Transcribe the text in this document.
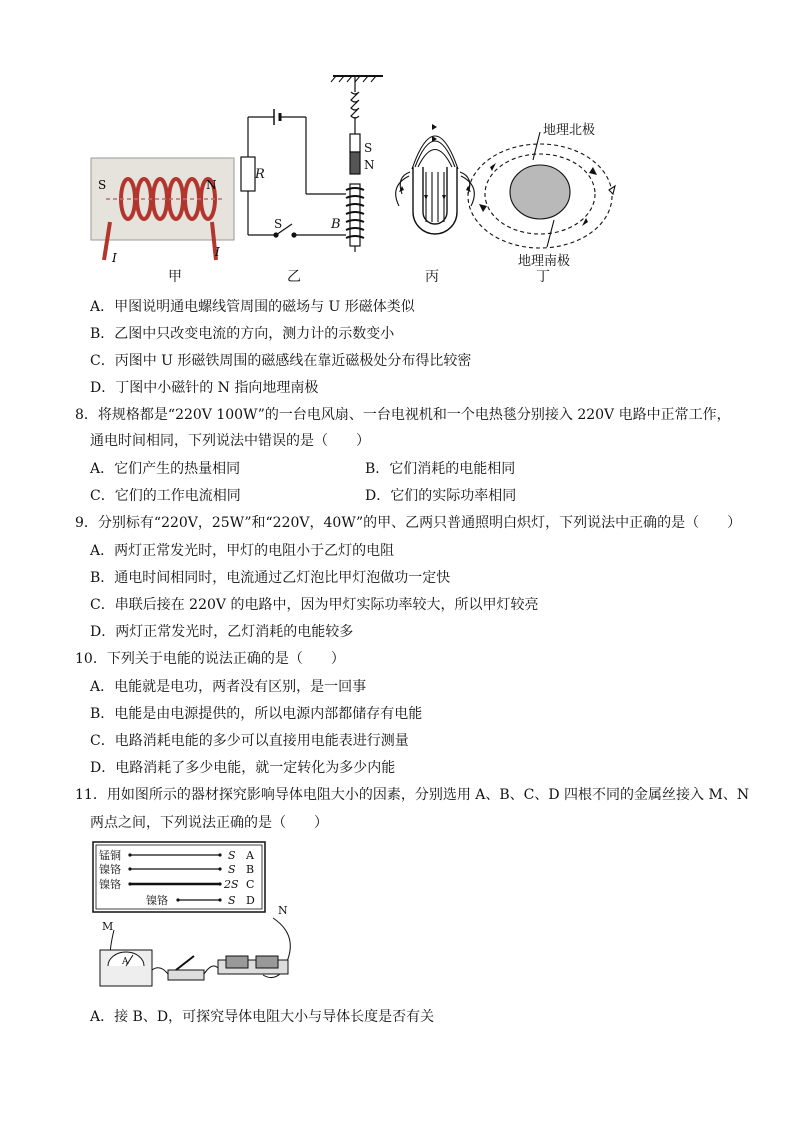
S	N
I	I
R
S	B
S
N
地理北极
地理南极
甲	乙	丙	丁
A．甲图说明通电螺线管周围的磁场与 U 形磁体类似
B．乙图中只改变电流的方向，测力计的示数变小
C．丙图中 U 形磁铁周围的磁感线在靠近磁极处分布得比较密
D．丁图中小磁针的 N 指向地理南极
8．将规格都是“220V 100W”的一台电风扇、一台电视机和一个电热毯分别接入 220V 电路中正常工作，
通电时间相同，下列说法中错误的是（　　）
A．它们产生的热量相同	B．它们消耗的电能相同
C．它们的工作电流相同	D．它们的实际功率相同
9．分别标有“220V，25W”和“220V，40W”的甲、乙两只普通照明白炽灯，下列说法中正确的是（　　）
A．两灯正常发光时，甲灯的电阻小于乙灯的电阻
B．通电时间相同时，电流通过乙灯泡比甲灯泡做功一定快
C．串联后接在 220V 的电路中，因为甲灯实际功率较大，所以甲灯较亮
D．两灯正常发光时，乙灯消耗的电能较多
10．下列关于电能的说法正确的是（　　）
A．电能就是电功，两者没有区别，是一回事
B．电能是由电源提供的，所以电源内部都储存有电能
C．电路消耗电能的多少可以直接用电能表进行测量
D．电路消耗了多少电能，就一定转化为多少内能
11．用如图所示的器材探究影响导体电阻大小的因素，分别选用 A、B、C、D 四根不同的金属丝接入 M、N
两点之间，下列说法正确的是（　　）
锰铜
镍铬
镍铬
镍铬
S
S
2S
S
A
B
C
D
M
N
A
A．接 B、D，可探究导体电阻大小与导体长度是否有关
